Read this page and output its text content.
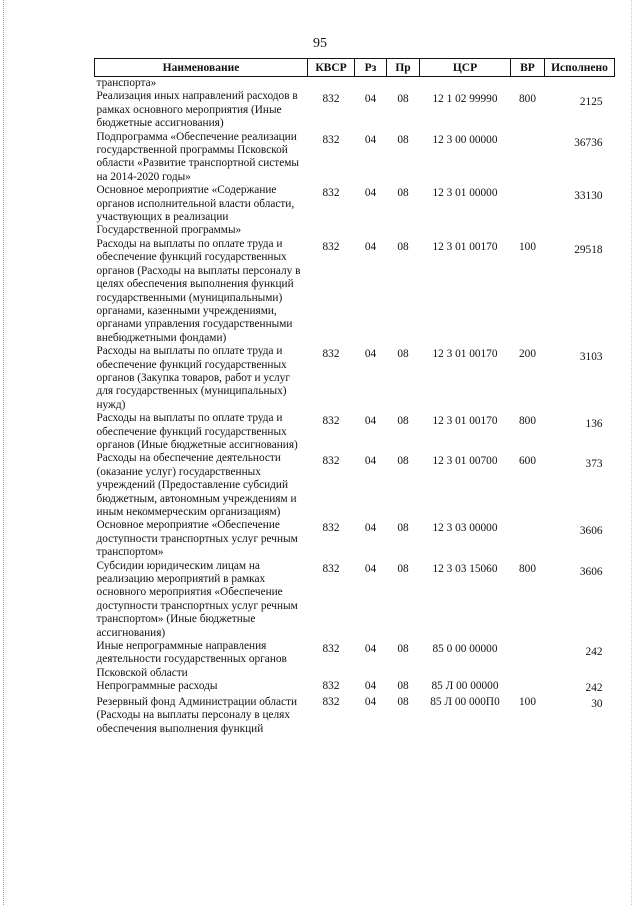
95
Наименование	КВСР	Рз	Пр	ЦСР	ВР	Исполнено
транспорта»						
Реализация иных направлений расходов в рамках основного мероприятия (Иные бюджетные ассигнования)	832	04	08	12 1 02 99990	800	2125
Подпрограмма «Обеспечение реализации государственной программы Псковской области «Развитие транспортной системы на 2014-2020 годы»	832	04	08	12 3 00 00000		36736
Основное мероприятие «Содержание органов исполнительной власти области, участвующих в реализации Государственной программы»	832	04	08	12 3 01 00000		33130
Расходы на выплаты по оплате труда и обеспечение функций государственных органов (Расходы на выплаты персоналу в целях обеспечения выполнения функций государственными (муниципальными) органами, казенными учреждениями, органами управления государственными внебюджетными фондами)	832	04	08	12 3 01 00170	100	29518
Расходы на выплаты по оплате труда и обеспечение функций государственных органов (Закупка товаров, работ и услуг для государственных (муниципальных) нужд)	832	04	08	12 3 01 00170	200	3103
Расходы на выплаты по оплате труда и обеспечение функций государственных органов (Иные бюджетные ассигнования)	832	04	08	12 3 01 00170	800	136
Расходы на обеспечение деятельности (оказание услуг) государственных учреждений (Предоставление субсидий бюджетным, автономным учреждениям и иным некоммерческим организациям)	832	04	08	12 3 01 00700	600	373
Основное мероприятие «Обеспечение доступности транспортных услуг речным транспортом»	832	04	08	12 3 03 00000		3606
Субсидии юридическим лицам на реализацию мероприятий в рамках основного мероприятия «Обеспечение доступности транспортных услуг речным транспортом» (Иные бюджетные ассигнования)	832	04	08	12 3 03 15060	800	3606
Иные непрограммные направления деятельности государственных органов Псковской области	832	04	08	85 0 00 00000		242
Непрограммные расходы	832	04	08	85 Л 00 00000		242
Резервный фонд Администрации области (Расходы на выплаты персоналу в целях обеспечения выполнения функций	832	04	08	85 Л 00 000П0	100	30
